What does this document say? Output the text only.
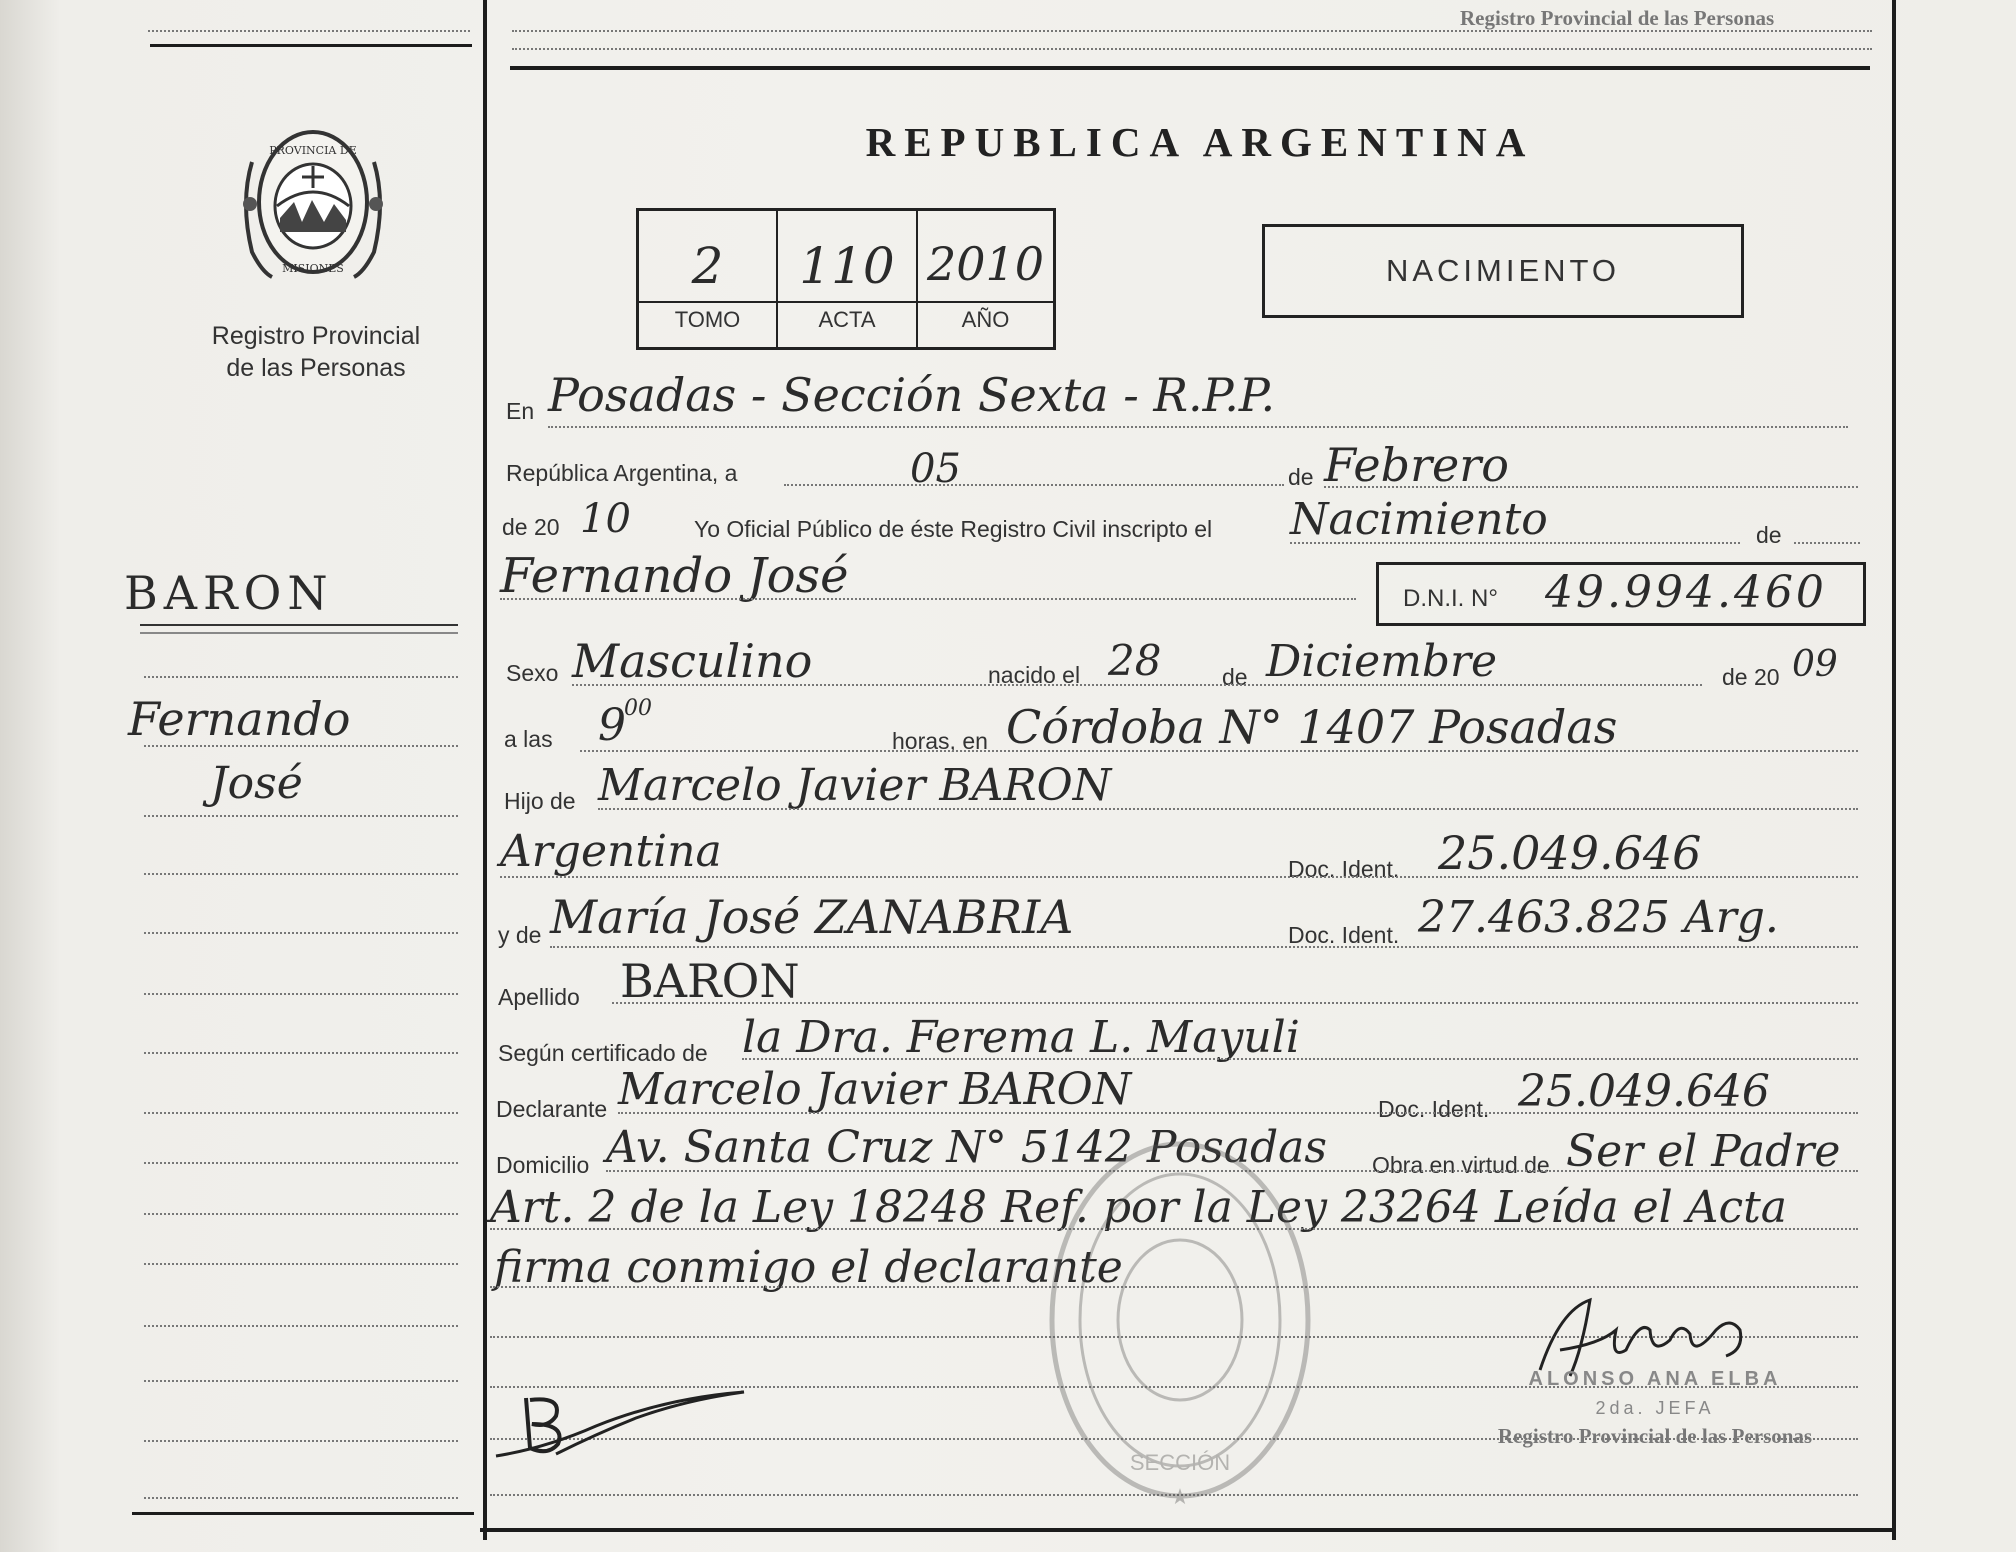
PROVINCIA DE
MISIONES
Registro Provincial
de las Personas
BARON
Fernando
José
Registro Provincial de las Personas
REPUBLICA ARGENTINA
2	110 2010
TOMO	ACTA	AÑO
NACIMIENTO
En Posadas - Sección Sexta - R.P.P.
República Argentina, a	05	de Febrero
de 20 10	Yo Oficial Público de éste Registro Civil inscripto el Nacimiento	de
Fernando José	D.N.I. N° 49.994.460
Sexo Masculino	nacido el 28	de Diciembre	de 20 09
a las 9
00
horas, en Córdoba N° 1407 Posadas
Hijo de Marcelo Javier BARON
Argentina	Doc. Ident. 25.049.646
y de María José ZANABRIA	Doc. Ident. 27.463.825 Arg.
Apellido BARON
Según certificado de la Dra. Ferema L. Mayuli
Declarante Marcelo Javier BARON	Doc. Ident. 25.049.646
Domicilio Av. Santa Cruz N° 5142 Posadas Obra en virtud de Ser el Padre
Art. 2 de la Ley 18248 Ref. por la Ley 23264 Leída el Acta
firma conmigo el declarante
SECCIÓN
★
ALONSO ANA ELBA
2da. JEFA
Registro Provincial de las Personas
